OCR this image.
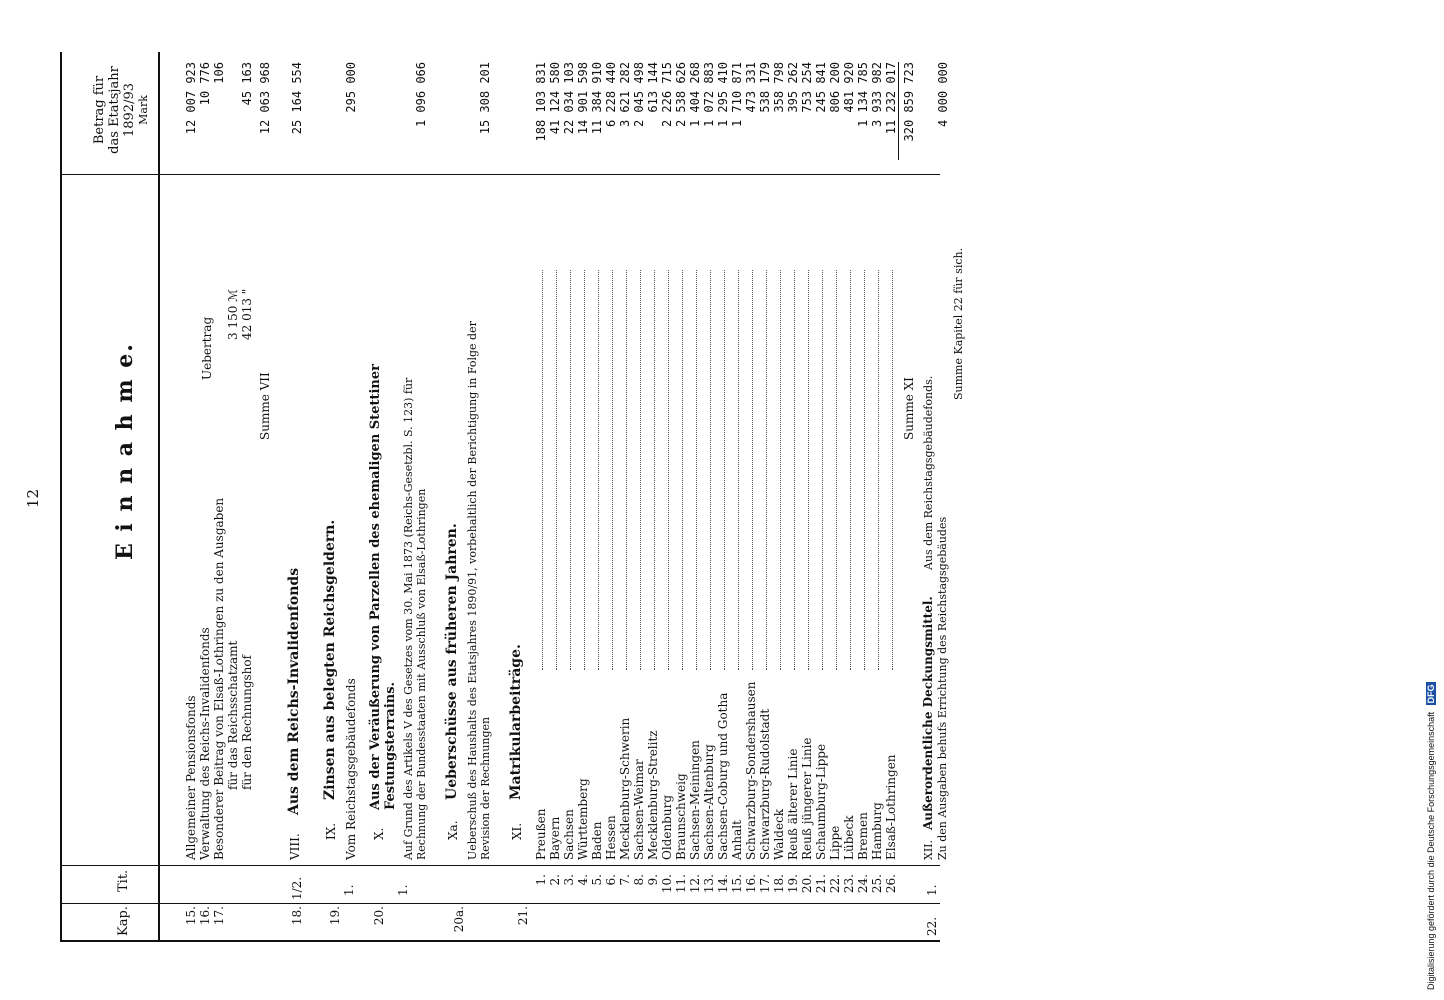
12
Kap.
Tit.
E i n n a h m e.
Betrag für das Etatsjahr 1892/93 Mark
15.
Allgemeiner Pensionsfonds
12 007 923
16.
Verwaltung des Reichs-Invalidenfonds
10 776
17.
Besonderer Beitrag von Elsaß-Lothringen zu den Ausgaben
106
für das Reichsschatzamt
3 150 ℳ
für den Rechnungshof
42 013 "
45 163
Uebertrag
Summe VII
12 063 968
18.
1/2.
VIII.
Aus dem Reichs-Invalidenfonds
25 164 554
19.
1.
IX.
Zinsen aus belegten Reichsgeldern. Vom Reichstagsgebäudefonds
295 000
20.
1.
X.
Aus der Veräußerung von Parzellen des ehemaligen Stettiner Festungsterrains. Auf Grund des Artikels V des Gesetzes vom 30. Mai 1873 (Reichs-Gesetzbl. S. 123) für Rechnung der Bundesstaaten mit Ausschluß von Elsaß-Lothringen
1 096 066
20a.
Xa.
Ueberschüsse aus früheren Jahren. Ueberschuß des Haushalts des Etatsjahres 1890/91, vorbehaltlich der Berichtigung in Folge der Revision der Rechnungen
15 308 201
21.
XI.
Matrikularbeiträge.
1.
Preußen
188 103 831
2.
Bayern
41 124 580
3.
Sachsen
22 034 103
4.
Württemberg
14 901 598
5.
Baden
11 384 910
6.
Hessen
6 228 440
7.
Mecklenburg-Schwerin
3 621 282
8.
Sachsen-Weimar
2 045 498
9.
Mecklenburg-Strelitz
613 144
10.
Oldenburg
2 226 715
11.
Braunschweig
2 538 626
12.
Sachsen-Meiningen
1 404 268
13.
Sachsen-Altenburg
1 072 883
14.
Sachsen-Coburg und Gotha
1 295 410
15.
Anhalt
1 710 871
16.
Schwarzburg-Sondershausen
473 331
17.
Schwarzburg-Rudolstadt
538 179
18.
Waldeck
358 798
19.
Reuß älterer Linie
395 262
20.
Reuß jüngerer Linie
753 254
21.
Schaumburg-Lippe
245 841
22.
Lippe
806 200
23.
Lübeck
481 920
24.
Bremen
1 134 785
25.
Hamburg
3 933 982
26.
Elsaß-Lothringen
11 232 017
Summe XI
320 859 723
22.
1.
XII.
Außerordentliche Deckungsmittel.
Aus dem Reichstagsgebäudefonds.
Zu den Ausgaben behufs Errichtung des Reichstagsgebäudes
4 000 000
Summe Kapitel 22 für sich.
Digitalisierung gefördert durch die Deutsche Forschungsgemeinschaft DFG
